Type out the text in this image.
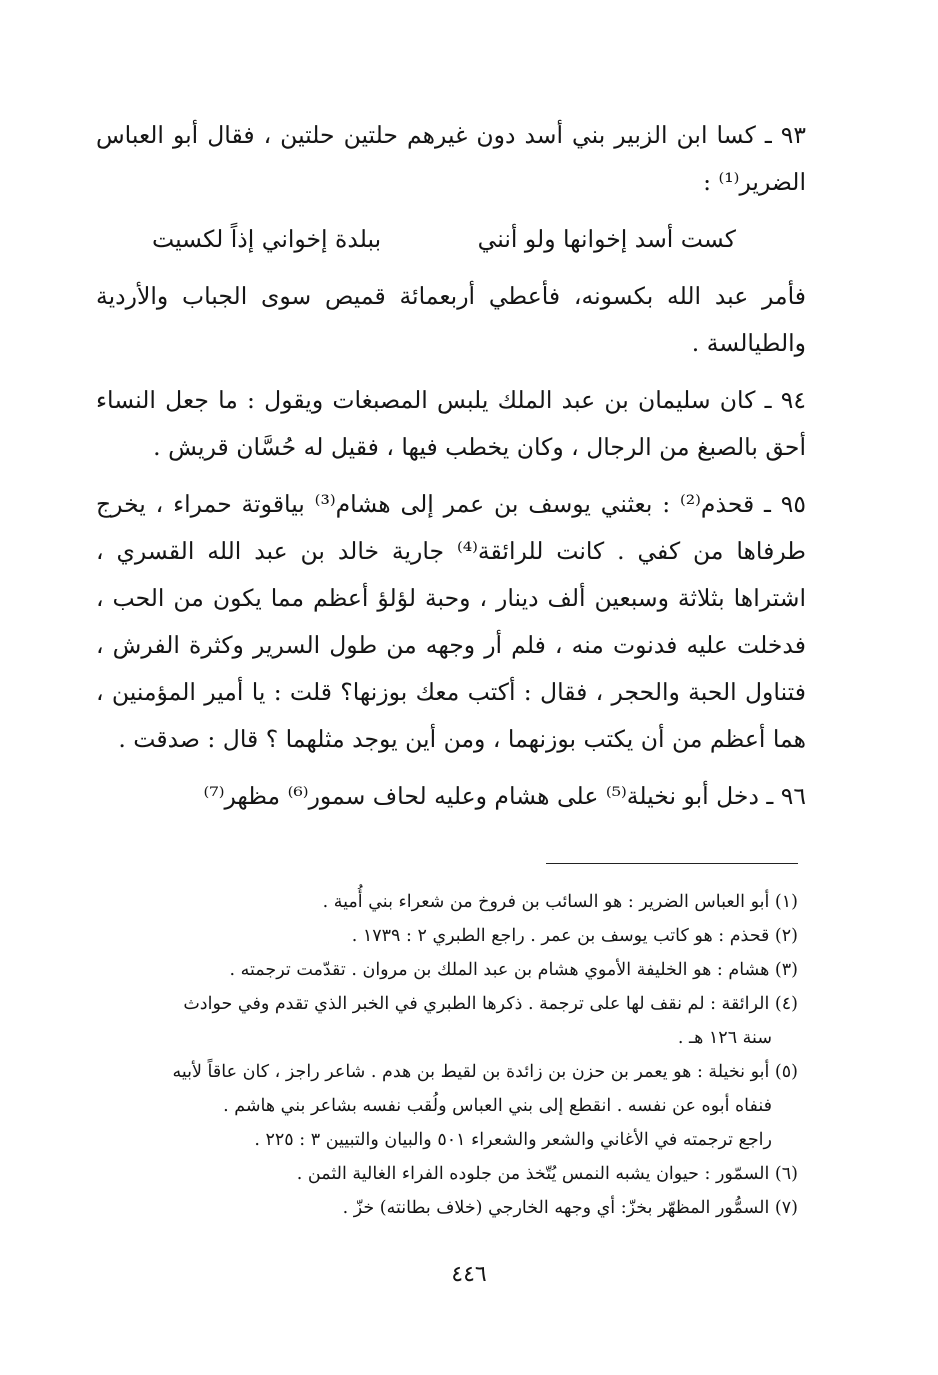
٩٣ ـ كسا ابن الزبير بني أسد دون غيرهم حلتين حلتين ، فقال أبو العباس الضرير⁽¹⁾ :

كست أسد إخوانها ولو أنني
ببلدة إخواني إذاً لكسيت

فأمر عبد الله بكسونه، فأعطي أربعمائة قميص سوى الجباب والأردية والطيالسة .

٩٤ ـ كان سليمان بن عبد الملك يلبس المصبغات ويقول : ما جعل النساء أحق بالصبغ من الرجال ، وكان يخطب فيها ، فقيل له حُسَّان قريش .

٩٥ ـ قحذم⁽²⁾ : بعثني يوسف بن عمر إلى هشام⁽³⁾ بياقوتة حمراء ، يخرج طرفاها من كفي . كانت للرائقة⁽⁴⁾ جارية خالد بن عبد الله القسري ، اشتراها بثلاثة وسبعين ألف دينار ، وحبة لؤلؤ أعظم مما يكون من الحب ، فدخلت عليه فدنوت منه ، فلم أر وجهه من طول السرير وكثرة الفرش ، فتناول الحبة والحجر ، فقال : أكتب معك بوزنها؟ قلت : يا أمير المؤمنين ، هما أعظم من أن يكتب بوزنهما ، ومن أين يوجد مثلهما ؟ قال : صدقت .

٩٦ ـ دخل أبو نخيلة⁽⁵⁾ على هشام وعليه لحاف سمور⁽⁶⁾ مظهر⁽⁷⁾

(١) أبو العباس الضرير : هو السائب بن فروخ من شعراء بني أُمية .

(٢) قحذم : هو كاتب يوسف بن عمر . راجع الطبري ٢ : ١٧٣٩ .

(٣) هشام : هو الخليفة الأموي هشام بن عبد الملك بن مروان . تقدّمت ترجمته .

(٤) الرائقة : لم نقف لها على ترجمة . ذكرها الطبري في الخبر الذي تقدم وفي حوادث
سنة ١٢٦ هـ .

(٥) أبو نخيلة : هو يعمر بن حزن بن زائدة بن لقيط بن هدم . شاعر راجز ، كان عاقاً لأبيه
فنفاه أبوه عن نفسه . انقطع إلى بني العباس ولُقب نفسه بشاعر بني هاشم .
راجع ترجمته في الأغاني والشعر والشعراء ٥٠١ والبيان والتبيين ٣ : ٢٢٥ .

(٦) السمّور : حيوان يشبه النمس يُتّخذ من جلوده الفراء الغالية الثمن .

(٧) السمُّور المظهّر بخزّ: أي وجهه الخارجي (خلاف بطانته) خزّ .

٤٤٦
